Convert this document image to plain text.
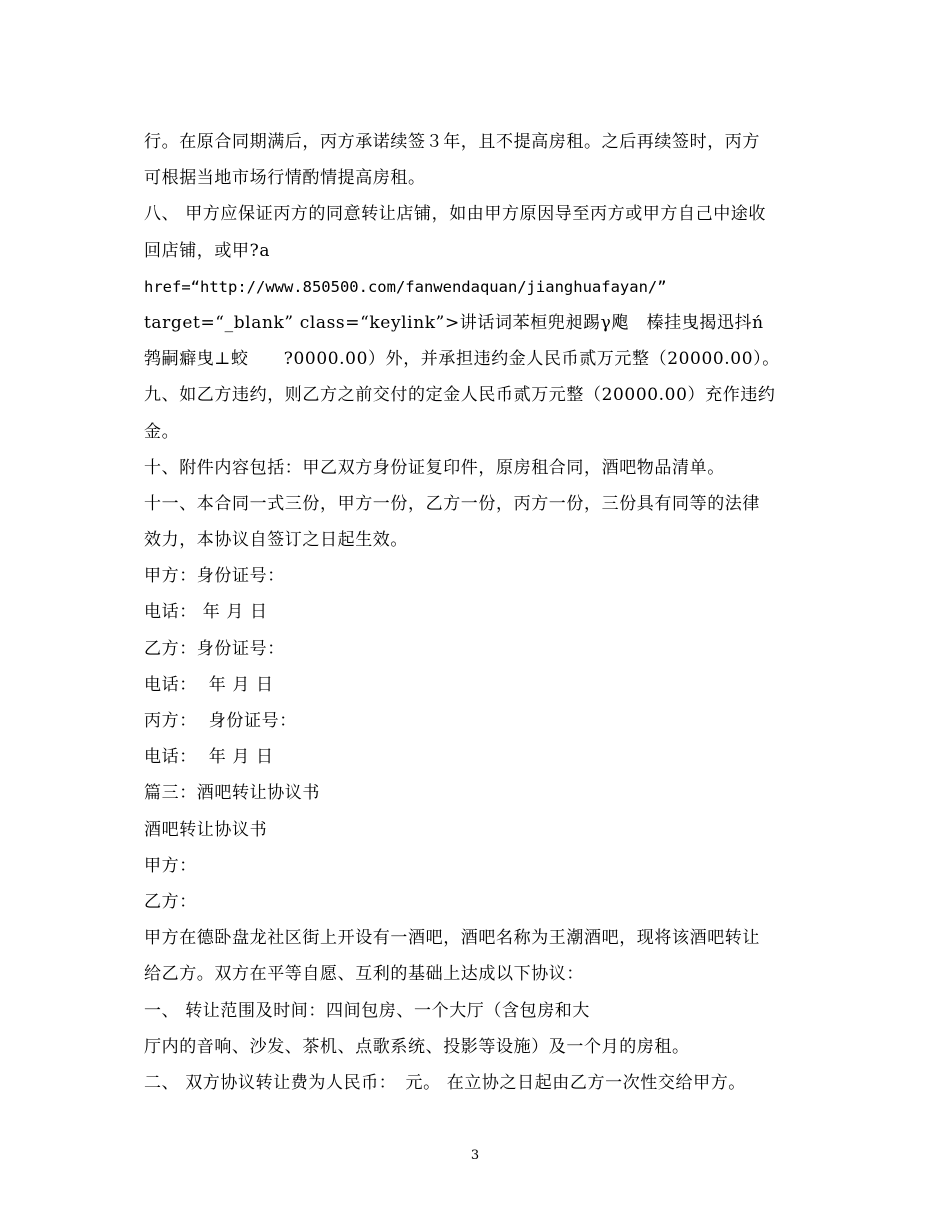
行。在原合同期满后，丙方承诺续签３年，且不提高房租。之后再续签时，丙方
可根据当地市场行情酌情提高房租。
八、 甲方应保证丙方的同意转让店铺，如由甲方原因导至丙方或甲方自己中途收
回店铺，或甲?a
href=“http://www.850500.com/fanwendaquan/jianghuafayan/”
target=“_blank” class=“keylink”>讲话词苯桓兜昶踢γ飑　榛挂曳揭迅抖ń
鹁嗣癖曳⊥蛟　　?0000.00）外，并承担违约金人民币贰万元整（20000.00）。
九、如乙方违约，则乙方之前交付的定金人民币贰万元整（20000.00）充作违约
金。
十、附件内容包括：甲乙双方身份证复印件，原房租合同，酒吧物品清单。
十一、本合同一式三份，甲方一份，乙方一份，丙方一份，三份具有同等的法律
效力，本协议自签订之日起生效。
甲方：身份证号：
电话： 年 月 日
乙方：身份证号：
电话：  年 月 日
丙方：  身份证号：
电话：  年 月 日
篇三：酒吧转让协议书
酒吧转让协议书
甲方：
乙方：
甲方在德卧盘龙社区街上开设有一酒吧，酒吧名称为王潮酒吧，现将该酒吧转让
给乙方。双方在平等自愿、互利的基础上达成以下协议：
一、 转让范围及时间：四间包房、一个大厅（含包房和大
厅内的音响、沙发、茶机、点歌系统、投影等设施）及一个月的房租。
二、 双方协议转让费为人民币：　元。 在立协之日起由乙方一次性交给甲方。
3
